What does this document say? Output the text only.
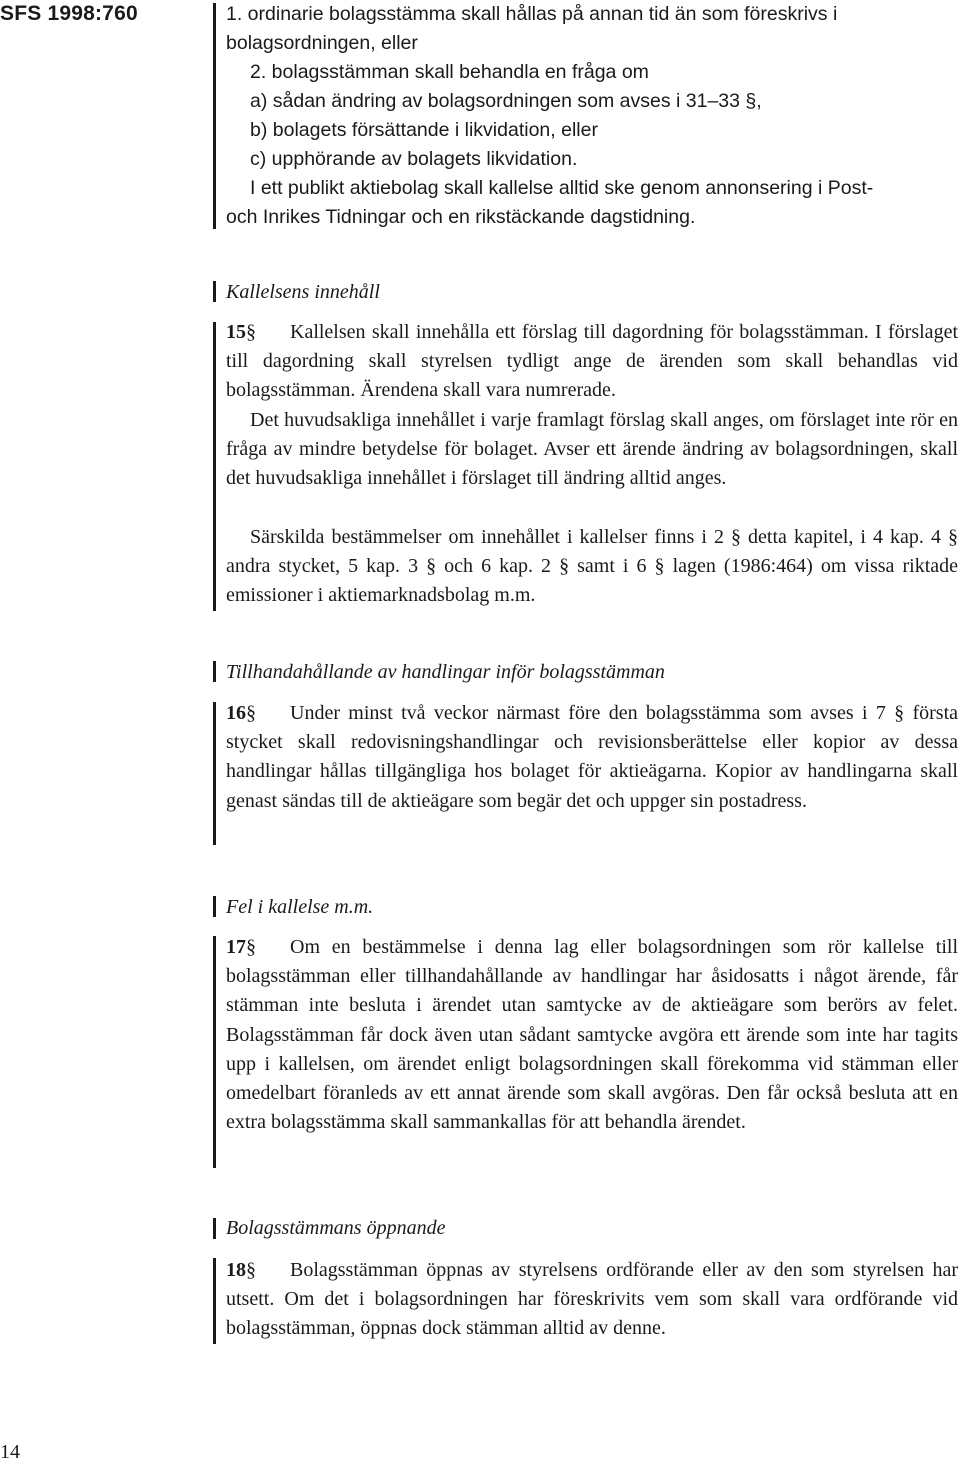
SFS 1998:760	1. ordinarie bolagsstämma skall hållas på annan tid än som föreskrivs i
bolagsordningen, eller
2. bolagsstämman skall behandla en fråga om
a) sådan ändring av bolagsordningen som avses i 31–33 §,
b) bolagets försättande i likvidation, eller
c) upphörande av bolagets likvidation.
I ett publikt aktiebolag skall kallelse alltid ske genom annonsering i Post-
och Inrikes Tidningar och en rikstäckande dagstidning.
Kallelsens innehåll

15§ Kallelsen skall innehålla ett förslag till dagordning för bolagsstämman. I förslaget till dagordning skall styrelsen tydligt ange de ärenden som skall behandlas vid bolagsstämman. Ärendena skall vara numrerade.

Det huvudsakliga innehållet i varje framlagt förslag skall anges, om förslaget inte rör en fråga av mindre betydelse för bolaget. Avser ett ärende ändring av bolagsordningen, skall det huvudsakliga innehållet i förslaget till ändring alltid anges.

Särskilda bestämmelser om innehållet i kallelser finns i 2 § detta kapitel, i 4 kap. 4 § andra stycket, 5 kap. 3 § och 6 kap. 2 § samt i 6 § lagen (1986:464) om vissa riktade emissioner i aktiemarknadsbolag m.m.

Tillhandahållande av handlingar inför bolagsstämman

16§ Under minst två veckor närmast före den bolagsstämma som avses i 7 § första stycket skall redovisningshandlingar och revisionsberättelse eller kopior av dessa handlingar hållas tillgängliga hos bolaget för aktieägarna. Kopior av handlingarna skall genast sändas till de aktieägare som begär det och uppger sin postadress.

Fel i kallelse m.m.

17§ Om en bestämmelse i denna lag eller bolagsordningen som rör kallelse till bolagsstämman eller tillhandahållande av handlingar har åsidosatts i något ärende, får stämman inte besluta i ärendet utan samtycke av de aktieägare som berörs av felet. Bolagsstämman får dock även utan sådant samtycke avgöra ett ärende som inte har tagits upp i kallelsen, om ärendet enligt bolagsordningen skall förekomma vid stämman eller omedelbart föranleds av ett annat ärende som skall avgöras. Den får också besluta att en extra bolagsstämma skall sammankallas för att behandla ärendet.

Bolagsstämmans öppnande

18§ Bolagsstämman öppnas av styrelsens ordförande eller av den som styrelsen har utsett. Om det i bolagsordningen har föreskrivits vem som skall vara ordförande vid bolagsstämman, öppnas dock stämman alltid av denne.

14
